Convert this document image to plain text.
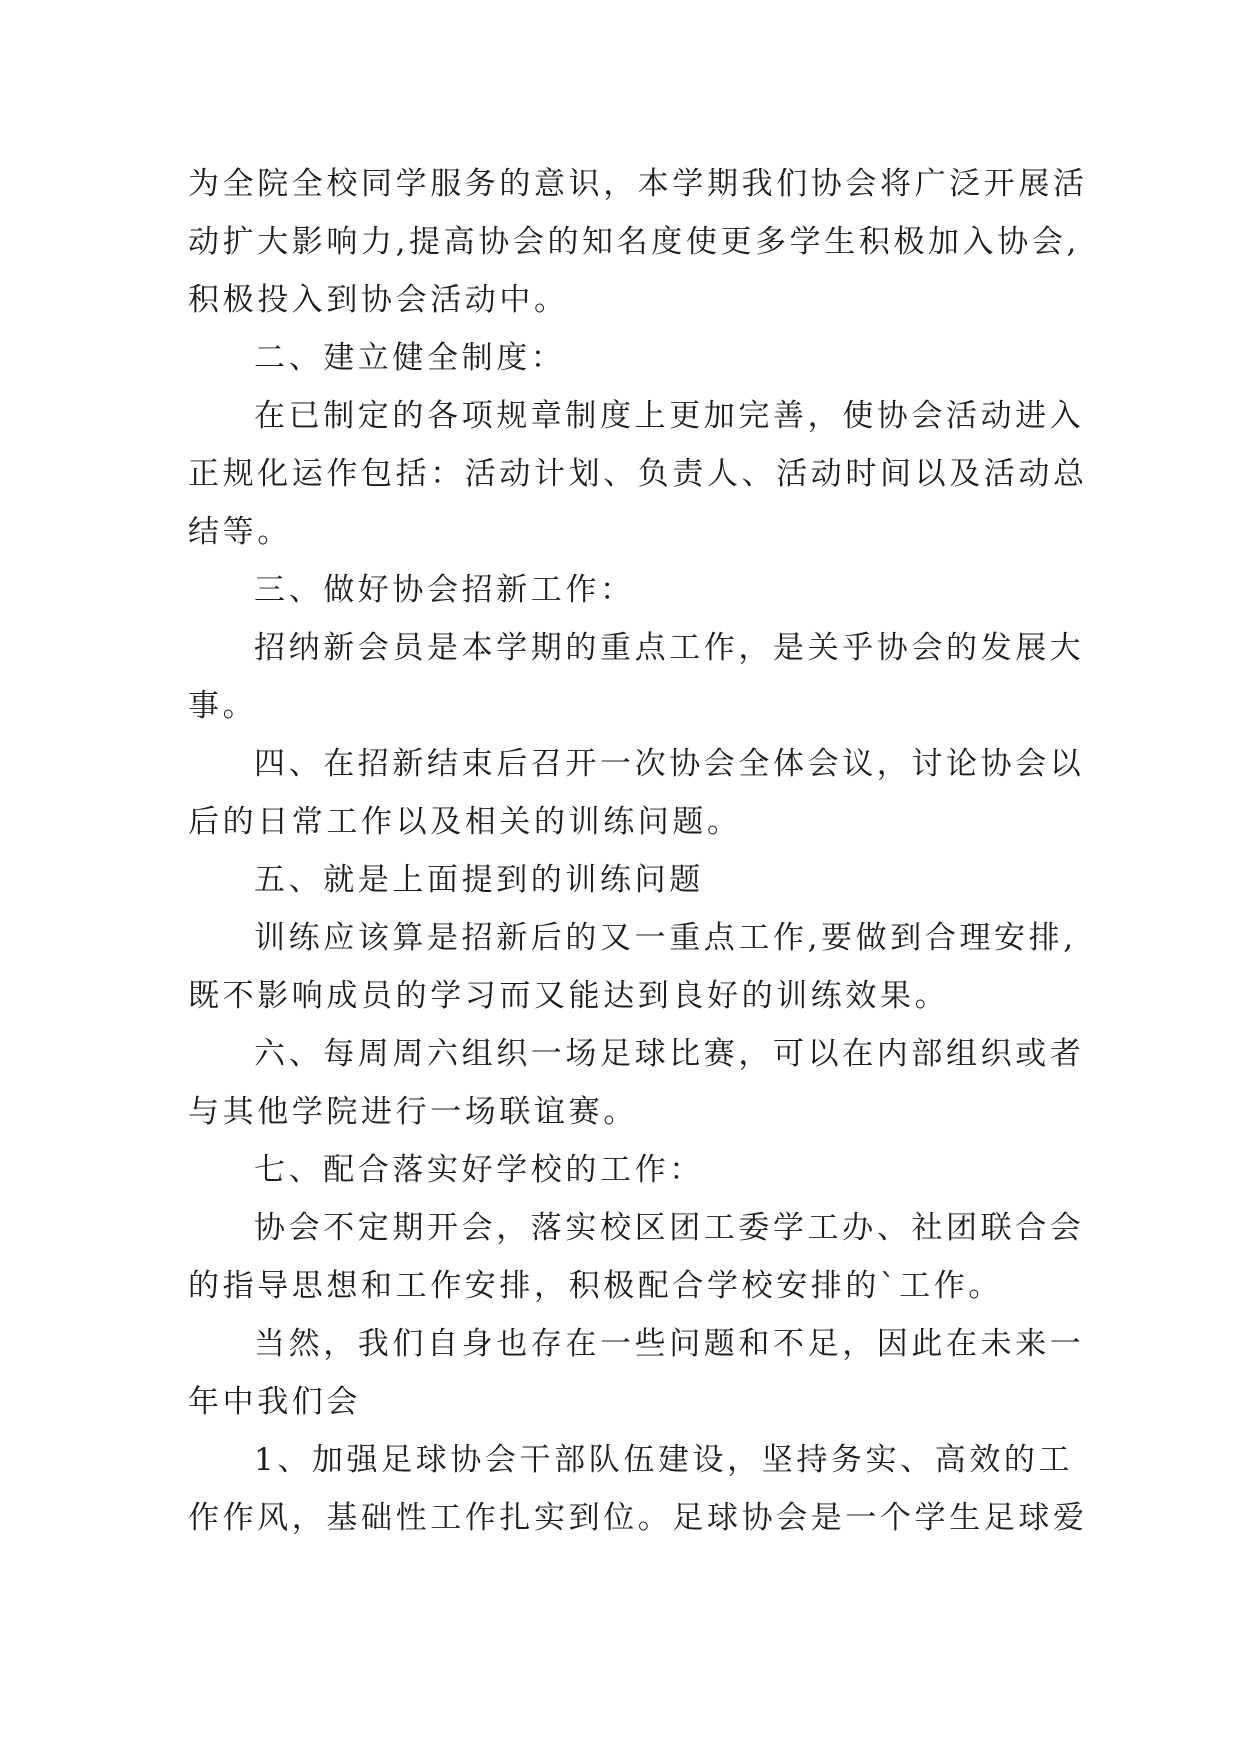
为全院全校同学服务的意识，本学期我们协会将广泛开展活
动扩大影响力,提高协会的知名度使更多学生积极加入协会,
积极投入到协会活动中。
二、建立健全制度：
在已制定的各项规章制度上更加完善，使协会活动进入
正规化运作包括：活动计划、负责人、活动时间以及活动总
结等。
三、做好协会招新工作：
招纳新会员是本学期的重点工作，是关乎协会的发展大
事。
四、在招新结束后召开一次协会全体会议，讨论协会以
后的日常工作以及相关的训练问题。
五、就是上面提到的训练问题
训练应该算是招新后的又一重点工作,要做到合理安排,
既不影响成员的学习而又能达到良好的训练效果。
六、每周周六组织一场足球比赛，可以在内部组织或者
与其他学院进行一场联谊赛。
七、配合落实好学校的工作：
协会不定期开会，落实校区团工委学工办、社团联合会
的指导思想和工作安排，积极配合学校安排的`工作。
当然，我们自身也存在一些问题和不足，因此在未来一
年中我们会
1、加强足球协会干部队伍建设，坚持务实、高效的工
作作风，基础性工作扎实到位。足球协会是一个学生足球爱
